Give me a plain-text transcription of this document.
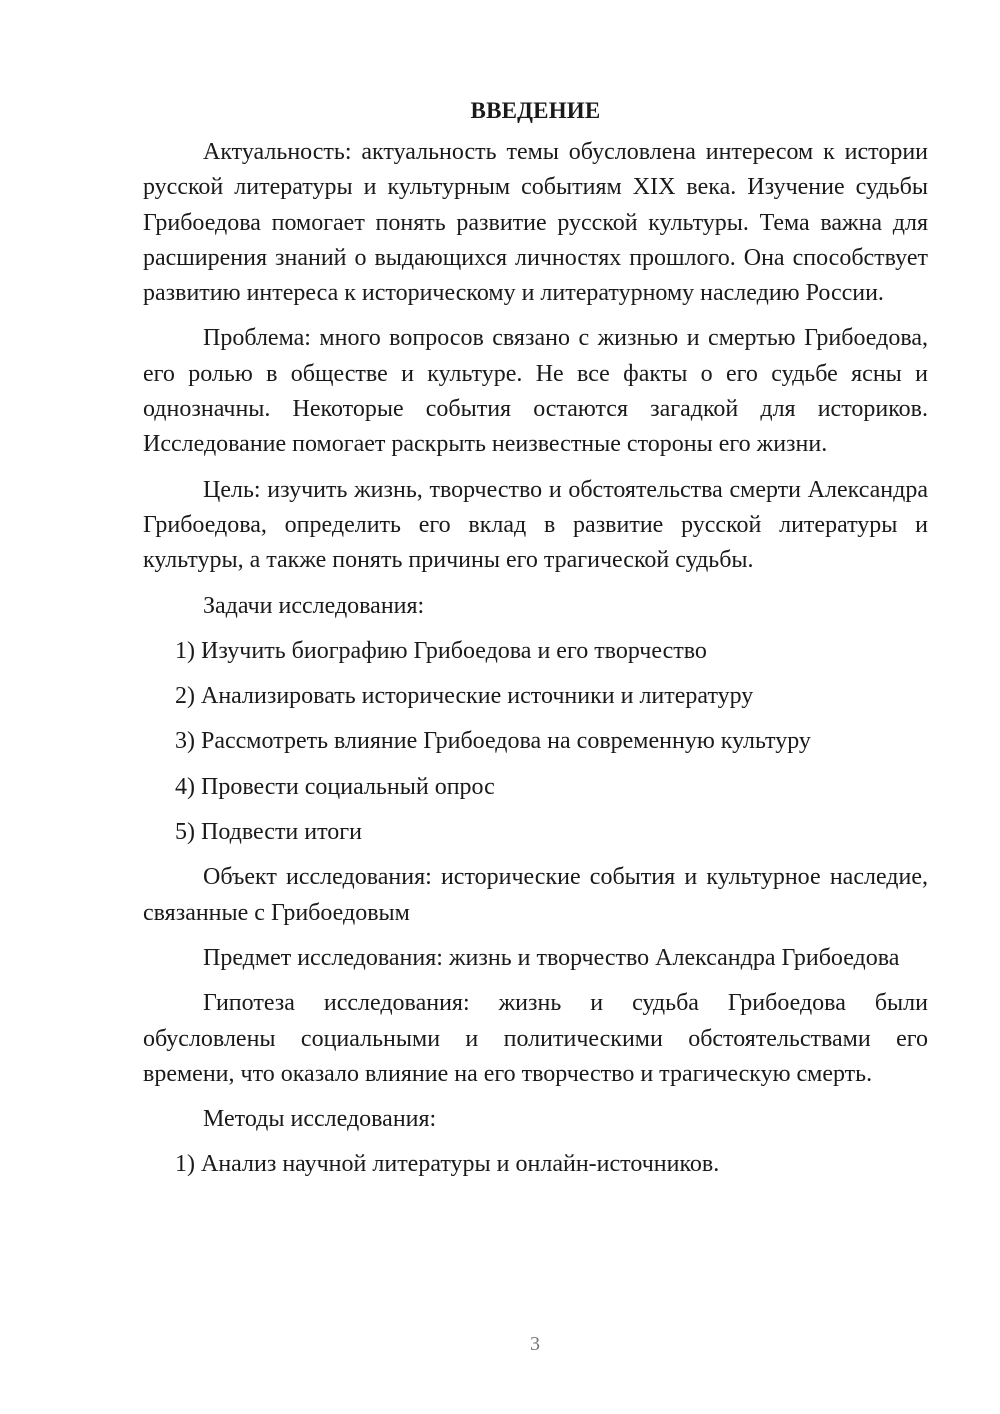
ВВЕДЕНИЕ
Актуальность: актуальность темы обусловлена интересом к истории русской литературы и культурным событиям XIX века. Изучение судьбы Грибоедова помогает понять развитие русской культуры. Тема важна для расширения знаний о выдающихся личностях прошлого. Она способствует развитию интереса к историческому и литературному наследию России.
Проблема: много вопросов связано с жизнью и смертью Грибоедова, его ролью в обществе и культуре. Не все факты о его судьбе ясны и однозначны. Некоторые события остаются загадкой для историков. Исследование помогает раскрыть неизвестные стороны его жизни.
Цель: изучить жизнь, творчество и обстоятельства смерти Александра Грибоедова, определить его вклад в развитие русской литературы и культуры, а также понять причины его трагической судьбы.
Задачи исследования:
1) Изучить биографию Грибоедова и его творчество
2) Анализировать исторические источники и литературу
3) Рассмотреть влияние Грибоедова на современную культуру
4) Провести социальный опрос
5) Подвести итоги
Объект исследования: исторические события и культурное наследие, связанные с Грибоедовым
Предмет исследования: жизнь и творчество Александра Грибоедова
Гипотеза исследования: жизнь и судьба Грибоедова были обусловлены социальными и политическими обстоятельствами его времени, что оказало влияние на его творчество и трагическую смерть.
Методы исследования:
1) Анализ научной литературы и онлайн-источников.
3
